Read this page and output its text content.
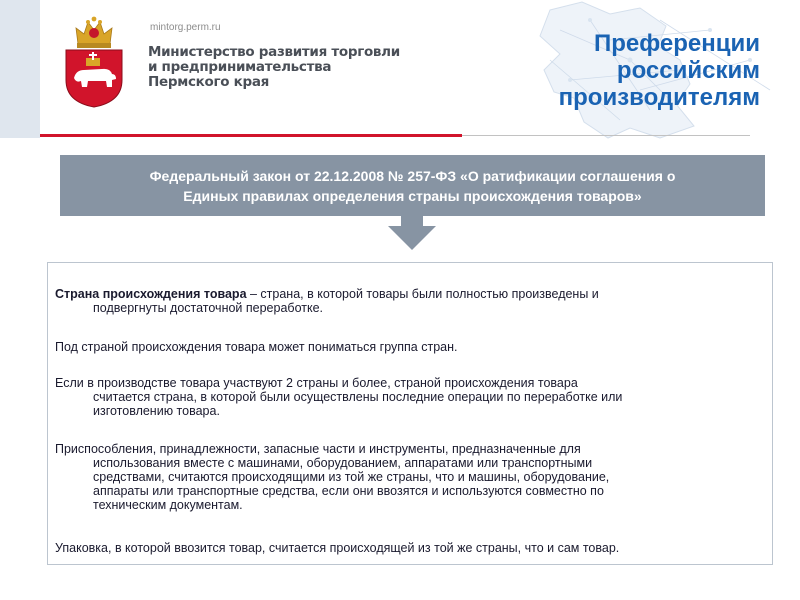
mintorg.perm.ru
Министерство развития торговли
и предпринимательства
Пермского края
Преференции
российским
производителям
Федеральный закон от 22.12.2008 № 257-ФЗ «О ратификации соглашения о
Единых правилах определения страны происхождения товаров»
Страна происхождения товара – страна, в которой товары были полностью произведены и
подвергнуты достаточной переработке.
Под страной происхождения товара может пониматься группа стран.
Если в производстве товара участвуют 2 страны и более, страной происхождения товара
считается страна, в которой были осуществлены последние операции по переработке или
изготовлению товара.
Приспособления, принадлежности, запасные части и инструменты, предназначенные для
использования вместе с машинами, оборудованием, аппаратами или транспортными
средствами, считаются происходящими из той же страны, что и машины, оборудование,
аппараты или транспортные средства, если они ввозятся и используются совместно по
техническим документам.
Упаковка, в которой ввозится товар, считается происходящей из той же страны, что и сам товар.
